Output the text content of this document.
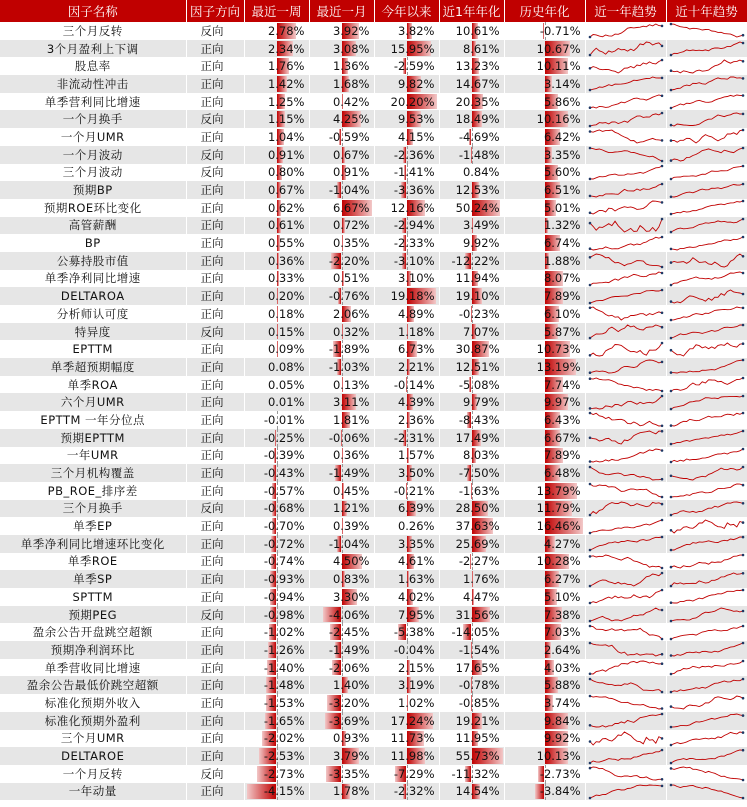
因子名称	因子方向	最近一周	最近一月	今年以来	近1年年化	历史年化	近一年趋势	近十年趋势
三个月反转	反向	2.78%	3.92%	3.82%	10.61%	-0.71%	

3个月盈利上下调	正向	2.34%	3.08%	15.95%	8.61%	10.67%	

股息率	正向	1.76%	1.36%	-2.59%	13.23%	10.11%	

非流动性冲击	正向	1.42%	1.68%	9.82%	14.67%	3.14%	

单季营利同比增速	正向	1.25%	0.42%	20.20%	20.35%	5.86%	

一个月换手	反向	1.15%	4.25%	9.53%	18.49%	10.16%	

一个月UMR	正向	1.04%	-0.59%	4.15%	-4.69%	6.42%	

一个月波动	反向	0.91%	0.67%	-2.36%	-1.48%	3.35%	

三个月波动	反向	0.80%	0.91%	-1.41%	0.84%	5.60%	

预期BP	正向	0.67%	-1.04%	-3.36%	12.53%	6.51%	

预期ROE环比变化	正向	0.62%	6.67%	12.16%	50.24%	5.01%	

高管薪酬	正向	0.61%	0.72%	-2.94%	3.49%	1.32%	

BP	正向	0.55%	0.35%	-2.33%	9.92%	6.74%	

公募持股市值	正向	0.36%	-2.20%	-3.10%	-12.22%	1.88%	

单季净利同比增速	正向	0.33%	0.51%	3.10%	11.94%	8.07%	

DELTAROA	正向	0.20%	-0.76%	19.18%	19.10%	7.89%	

分析师认可度	正向	0.18%	2.06%	4.89%	-0.23%	6.10%	

特异度	反向	0.15%	0.32%	1.18%	7.07%	5.87%	

EPTTM	正向	0.09%	-1.89%	6.73%	30.87%	10.73%	

单季超预期幅度	正向	0.08%	-1.03%	2.21%	12.51%	13.19%	

单季ROA	正向	0.05%	0.13%	-0.14%	-5.08%	7.74%	

六个月UMR	正向	0.01%	3.11%	4.39%	9.79%	9.97%	

EPTTM 一年分位点	正向	-0.01%	1.81%	2.36%	-8.43%	6.43%	

预期EPTTM	正向	-0.25%	-0.06%	-2.31%	17.49%	6.67%	

一年UMR	正向	-0.39%	0.36%	1.57%	8.03%	7.89%	

三个月机构覆盖	正向	-0.43%	-1.49%	3.50%	-7.50%	6.48%	

PB_ROE_排序差	正向	-0.57%	0.45%	-0.21%	-1.63%	13.79%	

三个月换手	反向	-0.68%	1.21%	6.39%	28.50%	11.79%	

单季EP	正向	-0.70%	0.39%	0.26%	37.63%	16.46%	

单季净利同比增速环比变化	正向	-0.72%	-1.04%	3.35%	25.69%	4.27%	

单季ROE	正向	-0.74%	4.50%	4.61%	-2.27%	10.28%	

单季SP	正向	-0.93%	0.83%	1.63%	1.76%	6.27%	

SPTTM	正向	-0.94%	3.30%	4.02%	4.47%	5.10%	

预期PEG	反向	-0.98%	-4.06%	7.95%	31.56%	7.38%	

盈余公告开盘跳空超额	正向	-1.02%	-2.45%	-5.38%	-14.05%	7.03%	

预期净利润环比	正向	-1.26%	-1.49%	-0.04%	-1.54%	2.64%	

单季营收同比增速	正向	-1.40%	-2.06%	2.15%	17.65%	4.03%	

盈余公告最低价跳空超额	正向	-1.48%	1.40%	3.19%	-0.78%	5.88%	

标准化预期外收入	正向	-1.53%	-3.20%	1.02%	-0.85%	3.74%	

标准化预期外盈利	正向	-1.65%	-3.69%	17.24%	19.21%	9.84%	

三个月UMR	正向	-2.02%	0.93%	11.73%	11.95%	9.92%	

DELTAROE	正向	-2.53%	3.79%	11.98%	55.73%	10.13%	

一个月反转	反向	-2.73%	-3.35%	-7.29%	-11.32%	-2.73%	

一年动量	正向	-4.15%	1.78%	-2.32%	14.54%	-3.84%	
